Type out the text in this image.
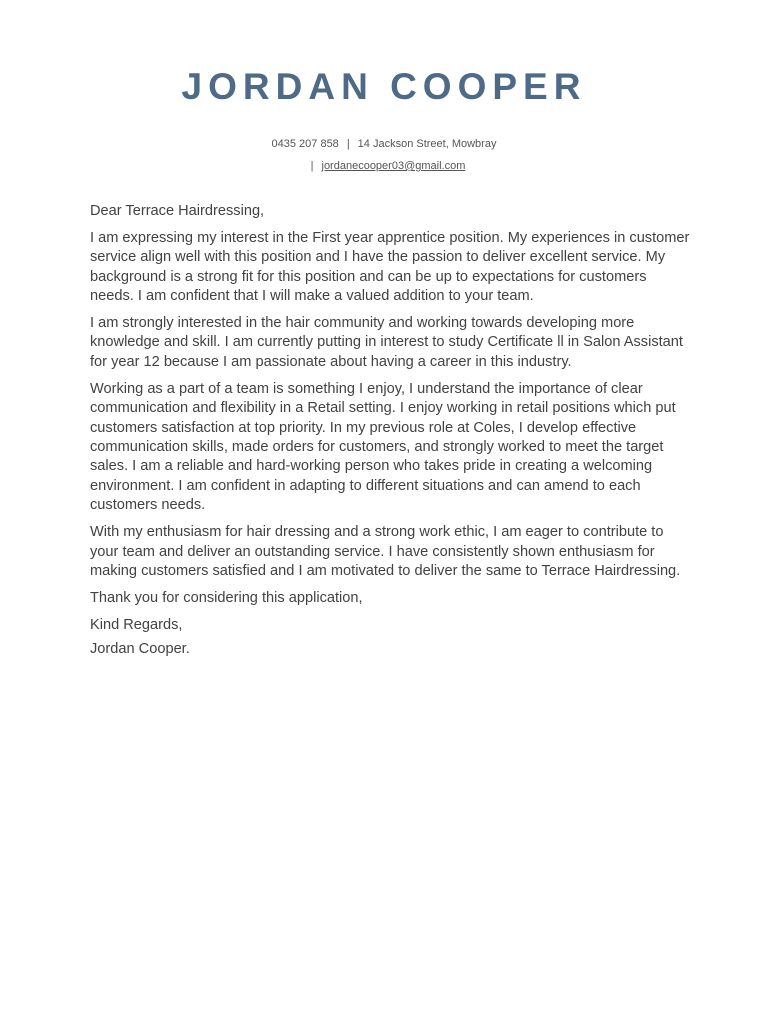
JORDAN COOPER
0435 207 858 | 14 Jackson Street, Mowbray
| jordanecooper03@gmail.com

Dear Terrace Hairdressing,

I am expressing my interest in the First year apprentice position. My experiences in customer service align well with this position and I have the passion to deliver excellent service. My background is a strong fit for this position and can be up to expectations for customers needs. I am confident that I will make a valued addition to your team.

I am strongly interested in the hair community and working towards developing more knowledge and skill. I am currently putting in interest to study Certificate ll in Salon Assistant for year 12 because I am passionate about having a career in this industry.

Working as a part of a team is something I enjoy, I understand the importance of clear communication and flexibility in a Retail setting. I enjoy working in retail positions which put customers satisfaction at top priority. In my previous role at Coles, I develop effective communication skills, made orders for customers, and strongly worked to meet the target sales. I am a reliable and hard-working person who takes pride in creating a welcoming environment. I am confident in adapting to different situations and can amend to each customers needs.

With my enthusiasm for hair dressing and a strong work ethic, I am eager to contribute to your team and deliver an outstanding service. I have consistently shown enthusiasm for making customers satisfied and I am motivated to deliver the same to Terrace Hairdressing.

Thank you for considering this application,

Kind Regards,

Jordan Cooper.
